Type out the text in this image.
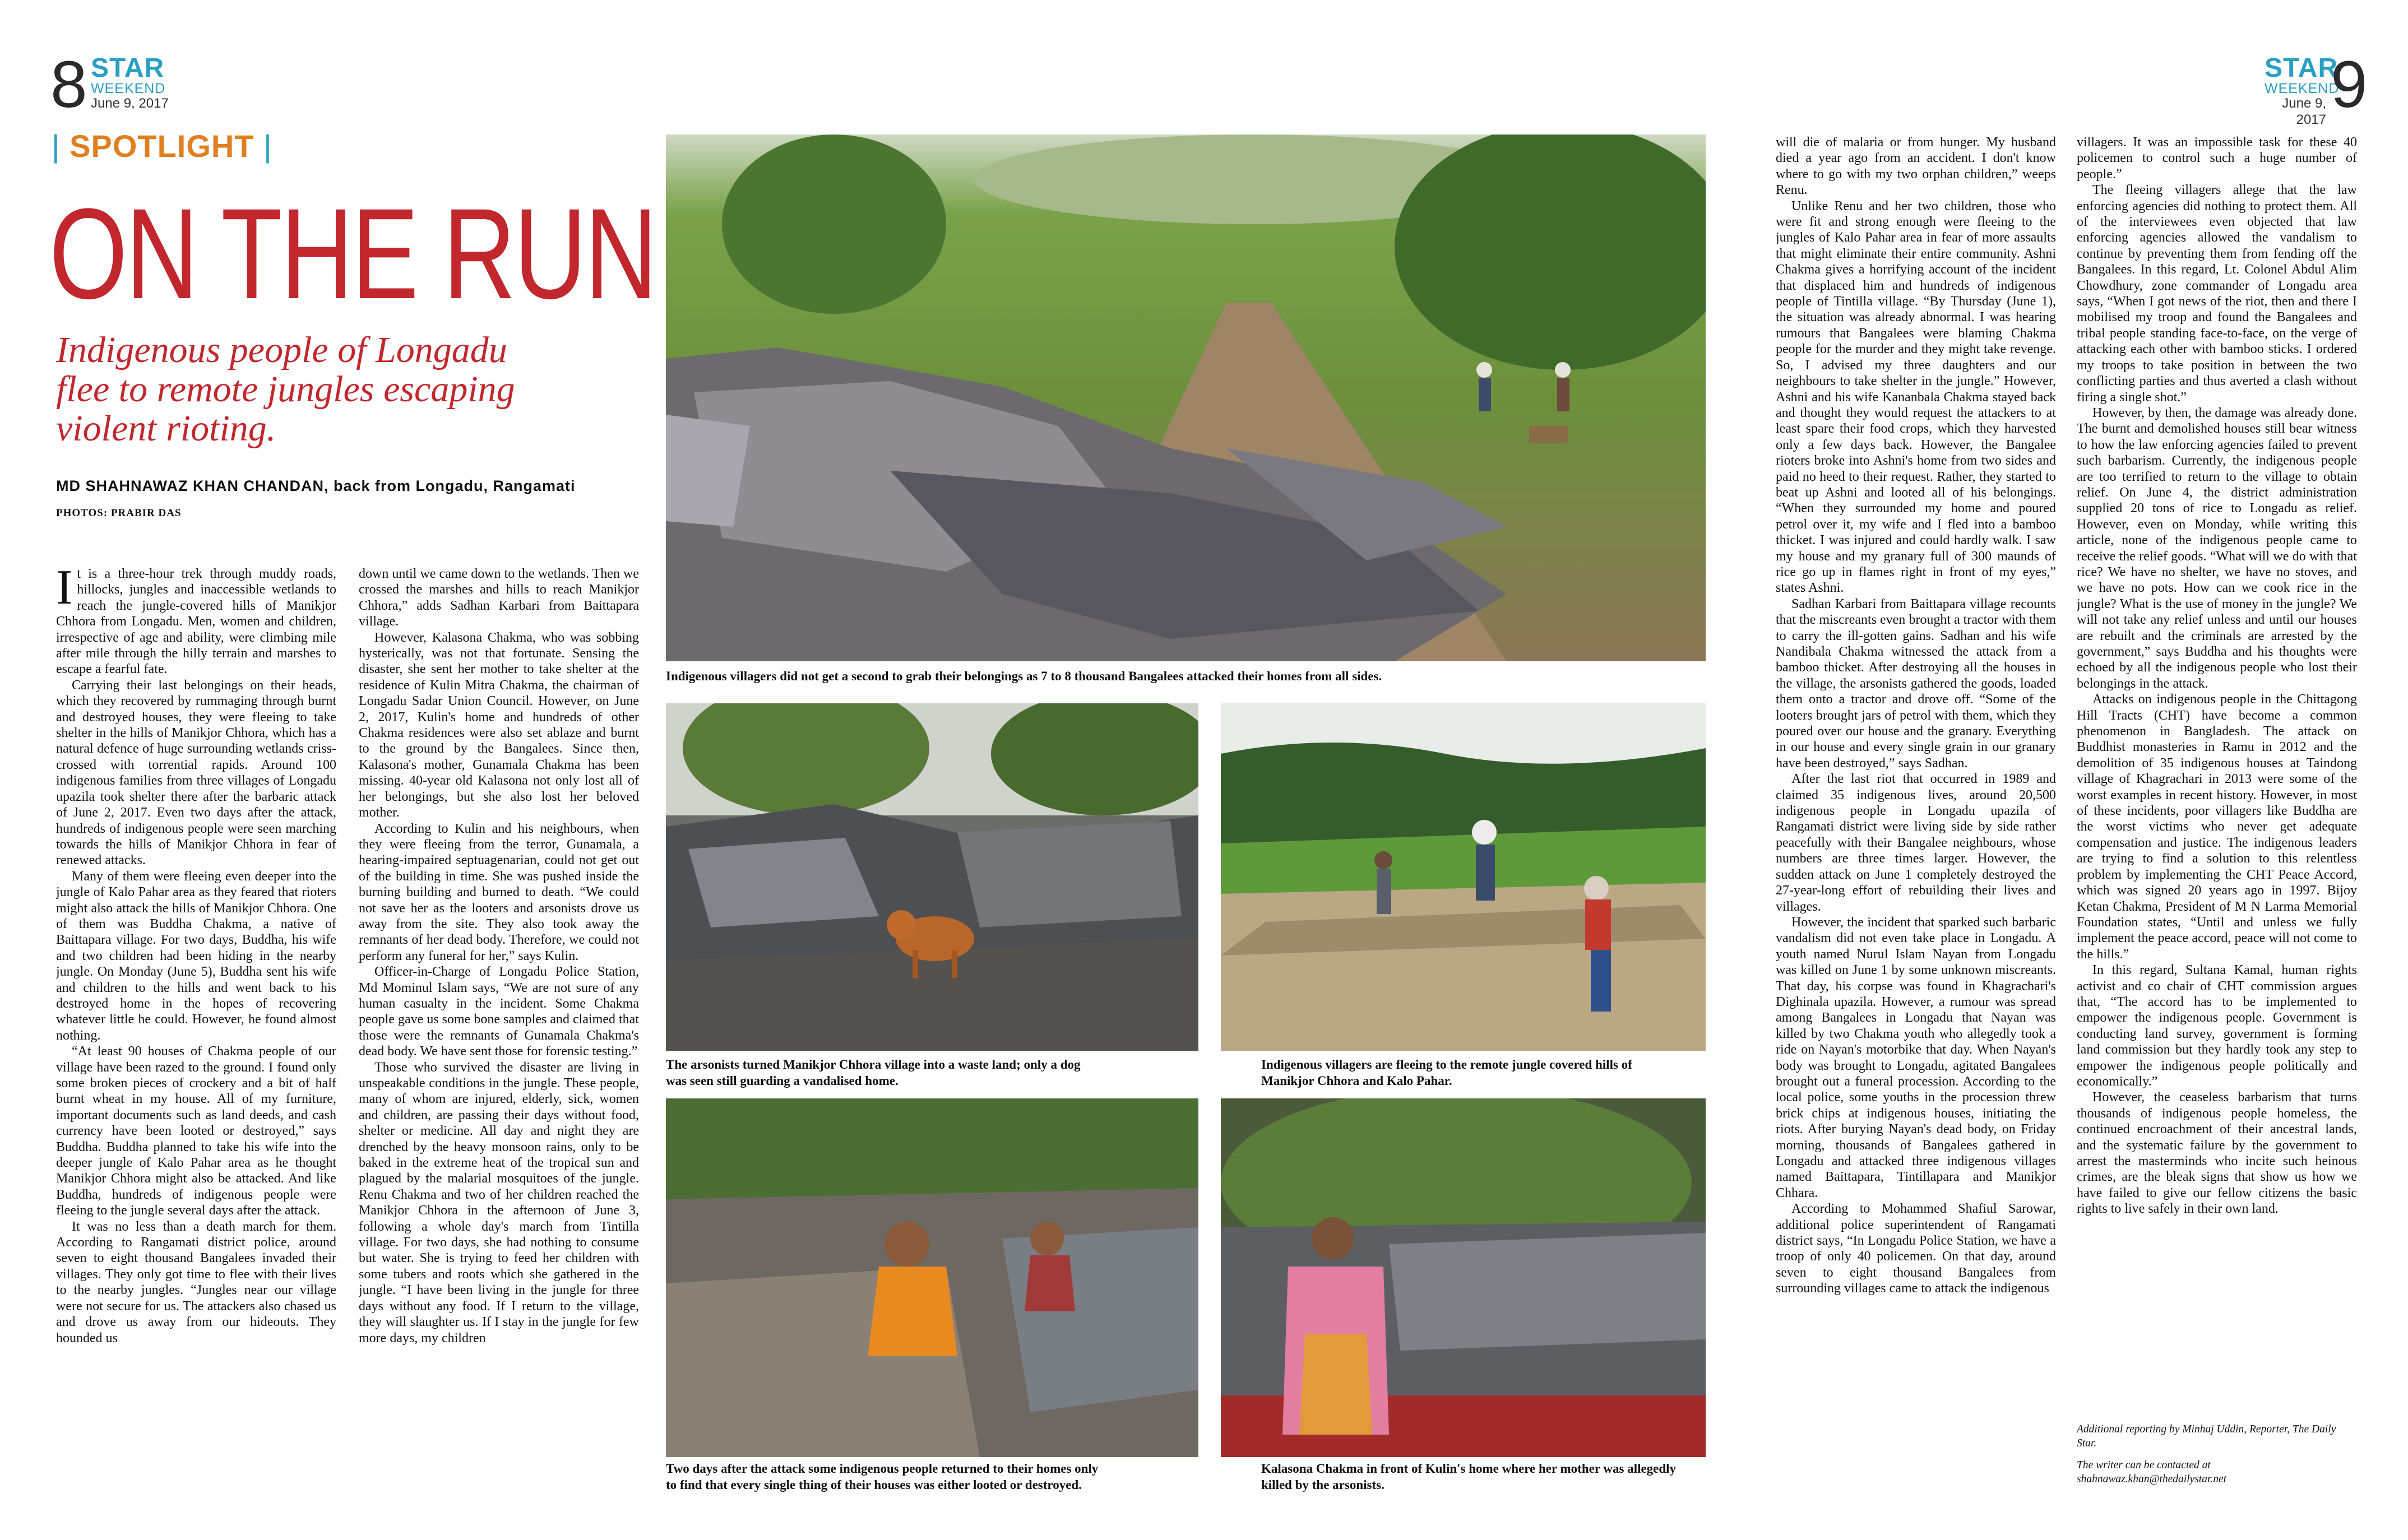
8 STAR
WEEKEND
June 9, 2017
STAR
WEEKEND
June 9, 2017 9
| SPOTLIGHT |
ON THE RUN
Indigenous people of Longadu
flee to remote jungles escaping
violent rioting.
MD SHAHNAWAZ KHAN CHANDAN, back from Longadu, Rangamati
PHOTOS: PRABIR DAS

It is a three-hour trek through muddy roads, hillocks, jungles and inaccessible wetlands to reach the jungle-covered hills of Manikjor Chhora from Longadu. Men, women and children, irrespective of age and ability, were climbing mile after mile through the hilly terrain and marshes to escape a fearful fate.

Carrying their last belongings on their heads, which they recovered by rummaging through burnt and destroyed houses, they were fleeing to take shelter in the hills of Manikjor Chhora, which has a natural defence of huge surrounding wetlands criss-crossed with torrential rapids. Around 100 indigenous families from three villages of Longadu upazila took shelter there after the barbaric attack of June 2, 2017. Even two days after the attack, hundreds of indigenous people were seen marching towards the hills of Manikjor Chhora in fear of renewed attacks.

Many of them were fleeing even deeper into the jungle of Kalo Pahar area as they feared that rioters might also attack the hills of Manikjor Chhora. One of them was Buddha Chakma, a native of Baittapara village. For two days, Buddha, his wife and two children had been hiding in the nearby jungle. On Monday (June 5), Buddha sent his wife and children to the hills and went back to his destroyed home in the hopes of recovering whatever little he could. However, he found almost nothing.

“At least 90 houses of Chakma people of our village have been razed to the ground. I found only some broken pieces of crockery and a bit of half burnt wheat in my house. All of my furniture, important documents such as land deeds, and cash currency have been looted or destroyed,” says Buddha. Buddha planned to take his wife into the deeper jungle of Kalo Pahar area as he thought Manikjor Chhora might also be attacked. And like Buddha, hundreds of indigenous people were fleeing to the jungle several days after the attack.

It was no less than a death march for them. According to Rangamati district police, around seven to eight thousand Bangalees invaded their villages. They only got time to flee with their lives to the nearby jungles. “Jungles near our village were not secure for us. The attackers also chased us and drove us away from our hideouts. They hounded us

down until we came down to the wetlands. Then we crossed the marshes and hills to reach Manikjor Chhora,” adds Sadhan Karbari from Baittapara village.

However, Kalasona Chakma, who was sobbing hysterically, was not that fortunate. Sensing the disaster, she sent her mother to take shelter at the residence of Kulin Mitra Chakma, the chairman of Longadu Sadar Union Council. However, on June 2, 2017, Kulin's home and hundreds of other Chakma residences were also set ablaze and burnt to the ground by the Bangalees. Since then, Kalasona's mother, Gunamala Chakma has been missing. 40-year old Kalasona not only lost all of her belongings, but she also lost her beloved mother.

According to Kulin and his neighbours, when they were fleeing from the terror, Gunamala, a hearing-impaired septuagenarian, could not get out of the building in time. She was pushed inside the burning building and burned to death. “We could not save her as the looters and arsonists drove us away from the site. They also took away the remnants of her dead body. Therefore, we could not perform any funeral for her,” says Kulin.

Officer-in-Charge of Longadu Police Station, Md Mominul Islam says, “We are not sure of any human casualty in the incident. Some Chakma people gave us some bone samples and claimed that those were the remnants of Gunamala Chakma's dead body. We have sent those for forensic testing.”

Those who survived the disaster are living in unspeakable conditions in the jungle. These people, many of whom are injured, elderly, sick, women and children, are passing their days without food, shelter or medicine. All day and night they are drenched by the heavy monsoon rains, only to be baked in the extreme heat of the tropical sun and plagued by the malarial mosquitoes of the jungle. Renu Chakma and two of her children reached the Manikjor Chhora in the afternoon of June 3, following a whole day's march from Tintilla village. For two days, she had nothing to consume but water. She is trying to feed her children with some tubers and roots which she gathered in the jungle. “I have been living in the jungle for three days without any food. If I return to the village, they will slaughter us. If I stay in the jungle for few more days, my children

Indigenous villagers did not get a second to grab their belongings as 7 to 8 thousand Bangalees attacked their homes from all sides.
The arsonists turned Manikjor Chhora village into a waste land; only a dog
was seen still guarding a vandalised home.
Indigenous villagers are fleeing to the remote jungle covered hills of
Manikjor Chhora and Kalo Pahar.
Two days after the attack some indigenous people returned to their homes only
to find that every single thing of their houses was either looted or destroyed.
Kalasona Chakma in front of Kulin's home where her mother was allegedly
killed by the arsonists.

will die of malaria or from hunger. My husband died a year ago from an accident. I don't know where to go with my two orphan children,” weeps Renu.

Unlike Renu and her two children, those who were fit and strong enough were fleeing to the jungles of Kalo Pahar area in fear of more assaults that might eliminate their entire community. Ashni Chakma gives a horrifying account of the incident that displaced him and hundreds of indigenous people of Tintilla village. “By Thursday (June 1), the situation was already abnormal. I was hearing rumours that Bangalees were blaming Chakma people for the murder and they might take revenge. So, I advised my three daughters and our neighbours to take shelter in the jungle.” However, Ashni and his wife Kananbala Chakma stayed back and thought they would request the attackers to at least spare their food crops, which they harvested only a few days back. However, the Bangalee rioters broke into Ashni's home from two sides and paid no heed to their request. Rather, they started to beat up Ashni and looted all of his belongings. “When they surrounded my home and poured petrol over it, my wife and I fled into a bamboo thicket. I was injured and could hardly walk. I saw my house and my granary full of 300 maunds of rice go up in flames right in front of my eyes,” states Ashni.

Sadhan Karbari from Baittapara village recounts that the miscreants even brought a tractor with them to carry the ill-gotten gains. Sadhan and his wife Nandibala Chakma witnessed the attack from a bamboo thicket. After destroying all the houses in the village, the arsonists gathered the goods, loaded them onto a tractor and drove off. “Some of the looters brought jars of petrol with them, which they poured over our house and the granary. Everything in our house and every single grain in our granary have been destroyed,” says Sadhan.

After the last riot that occurred in 1989 and claimed 35 indigenous lives, around 20,500 indigenous people in Longadu upazila of Rangamati district were living side by side rather peacefully with their Bangalee neighbours, whose numbers are three times larger. However, the sudden attack on June 1 completely destroyed the 27-year-long effort of rebuilding their lives and villages.

However, the incident that sparked such barbaric vandalism did not even take place in Longadu. A youth named Nurul Islam Nayan from Longadu was killed on June 1 by some unknown miscreants. That day, his corpse was found in Khagrachari's Dighinala upazila. However, a rumour was spread among Bangalees in Longadu that Nayan was killed by two Chakma youth who allegedly took a ride on Nayan's motorbike that day. When Nayan's body was brought to Longadu, agitated Bangalees brought out a funeral procession. According to the local police, some youths in the procession threw brick chips at indigenous houses, initiating the riots. After burying Nayan's dead body, on Friday morning, thousands of Bangalees gathered in Longadu and attacked three indigenous villages named Baittapara, Tintillapara and Manikjor Chhara.

According to Mohammed Shafiul Sarowar, additional police superintendent of Rangamati district says, “In Longadu Police Station, we have a troop of only 40 policemen. On that day, around seven to eight thousand Bangalees from surrounding villages came to attack the indigenous

villagers. It was an impossible task for these 40 policemen to control such a huge number of people.”

The fleeing villagers allege that the law enforcing agencies did nothing to protect them. All of the interviewees even objected that law enforcing agencies allowed the vandalism to continue by preventing them from fending off the Bangalees. In this regard, Lt. Colonel Abdul Alim Chowdhury, zone commander of Longadu area says, “When I got news of the riot, then and there I mobilised my troop and found the Bangalees and tribal people standing face-to-face, on the verge of attacking each other with bamboo sticks. I ordered my troops to take position in between the two conflicting parties and thus averted a clash without firing a single shot.”

However, by then, the damage was already done. The burnt and demolished houses still bear witness to how the law enforcing agencies failed to prevent such barbarism. Currently, the indigenous people are too terrified to return to the village to obtain relief. On June 4, the district administration supplied 20 tons of rice to Longadu as relief. However, even on Monday, while writing this article, none of the indigenous people came to receive the relief goods. “What will we do with that rice? We have no shelter, we have no stoves, and we have no pots. How can we cook rice in the jungle? What is the use of money in the jungle? We will not take any relief unless and until our houses are rebuilt and the criminals are arrested by the government,” says Buddha and his thoughts were echoed by all the indigenous people who lost their belongings in the attack.

Attacks on indigenous people in the Chittagong Hill Tracts (CHT) have become a common phenomenon in Bangladesh. The attack on Buddhist monasteries in Ramu in 2012 and the demolition of 35 indigenous houses at Taindong village of Khagrachari in 2013 were some of the worst examples in recent history. However, in most of these incidents, poor villagers like Buddha are the worst victims who never get adequate compensation and justice. The indigenous leaders are trying to find a solution to this relentless problem by implementing the CHT Peace Accord, which was signed 20 years ago in 1997. Bijoy Ketan Chakma, President of M N Larma Memorial Foundation states, “Until and unless we fully implement the peace accord, peace will not come to the hills.”

In this regard, Sultana Kamal, human rights activist and co chair of CHT commission argues that, “The accord has to be implemented to empower the indigenous people. Government is conducting land survey, government is forming land commission but they hardly took any step to empower the indigenous people politically and economically.”

However, the ceaseless barbarism that turns thousands of indigenous people homeless, the continued encroachment of their ancestral lands, and the systematic failure by the government to arrest the masterminds who incite such heinous crimes, are the bleak signs that show us how we have failed to give our fellow citizens the basic rights to live safely in their own land.

Additional reporting by Minhaj Uddin, Reporter, The Daily Star.
The writer can be contacted at
shahnawaz.khan@thedailystar.net
